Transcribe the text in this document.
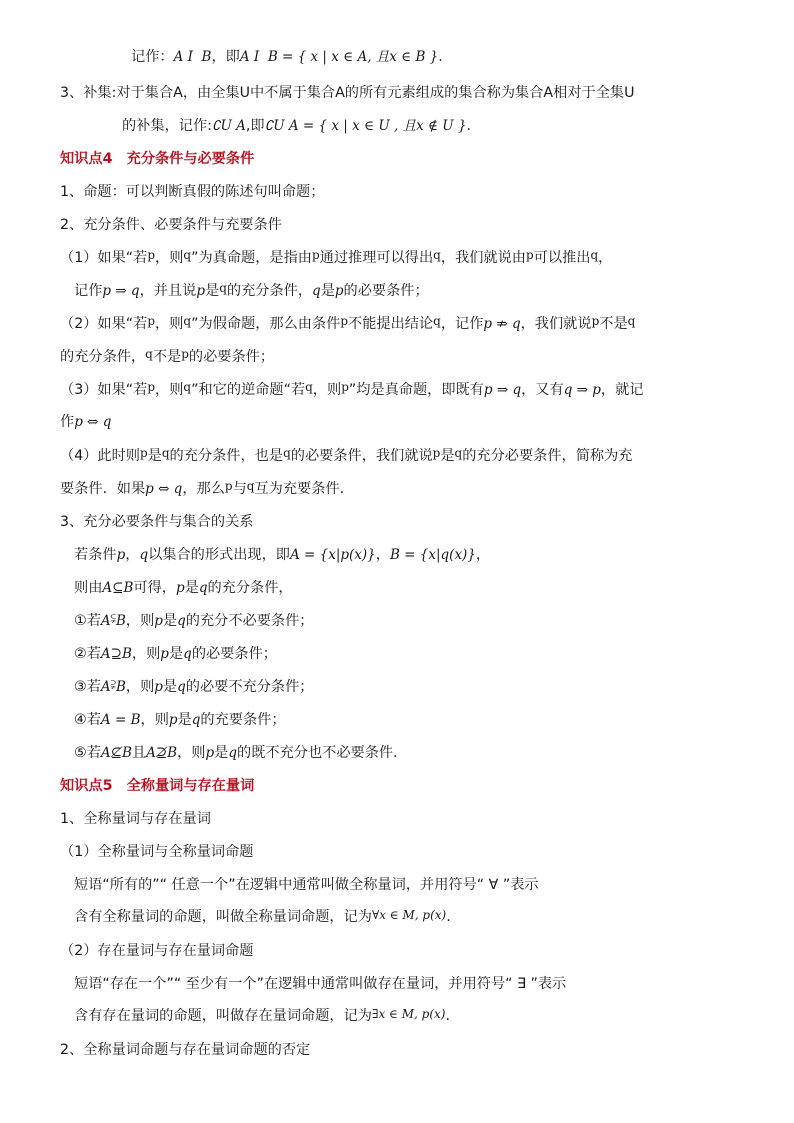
记作：A I  B，即A I  B = { x | x ∈ A, 且x ∈ B }.
3、补集:对于集合A，由全集U中不属于集合A的所有元素组成的集合称为集合A相对于全集U
的补集，记作:∁U A,即∁U A = { x | x ∈ U , 且x ∉ U }.
知识点4　充分条件与必要条件
1、命题：可以判断真假的陈述句叫命题；
2、充分条件、必要条件与充要条件
（1）如果“若$^p$，则$^q$”为真命题，是指由$^p$通过推理可以得出$^q$，我们就说由$^p$可以推出$^q$，
记作p ⇒ q，并且说p是$^q$的充分条件，q是p的必要条件；
（2）如果“若$^p$，则$^q$”为假命题，那么由条件$^p$不能提出结论$^q$，记作p ⇏ q，我们就说$^p$不是$^q$
的充分条件，$^q$不是$^p$的必要条件；
（3）如果“若$^p$，则$^q$”和它的逆命题“若$^q$，则$^p$”均是真命题，即既有p ⇒ q，又有q ⇒ p，就记
作p ⇔ q
（4）此时则$^p$是$^q$的充分条件，也是$^q$的必要条件，我们就说$^p$是$^q$的充分必要条件，简称为充
要条件．如果p ⇔ q，那么$^p$与$^q$互为充要条件.
3、充分必要条件与集合的关系
若条件p，q以集合的形式出现，即A = {x|p(x)}，B = {x|q(x)}，
则由A⊆B可得，p是q的充分条件，
①若A⫋B，则p是q的充分不必要条件；
②若A⊇B，则p是q的必要条件；
③若A⫌B，则p是q的必要不充分条件；
④若A = B，则p是q的充要条件；
⑤若A⊈B且A⊉B，则p是q的既不充分也不必要条件．
知识点5　全称量词与存在量词
1、全称量词与存在量词
（1）全称量词与全称量词命题
短语“所有的”“ 任意一个”在逻辑中通常叫做全称量词，并用符号“ ∀ ”表示
含有全称量词的命题，叫做全称量词命题，记为∀x ∈ M, p(x).
（2）存在量词与存在量词命题
短语“存在一个”“ 至少有一个”在逻辑中通常叫做存在量词，并用符号“ ∃ ”表示
含有存在量词的命题，叫做存在量词命题，记为∃x ∈ M, p(x).
2、全称量词命题与存在量词命题的否定
